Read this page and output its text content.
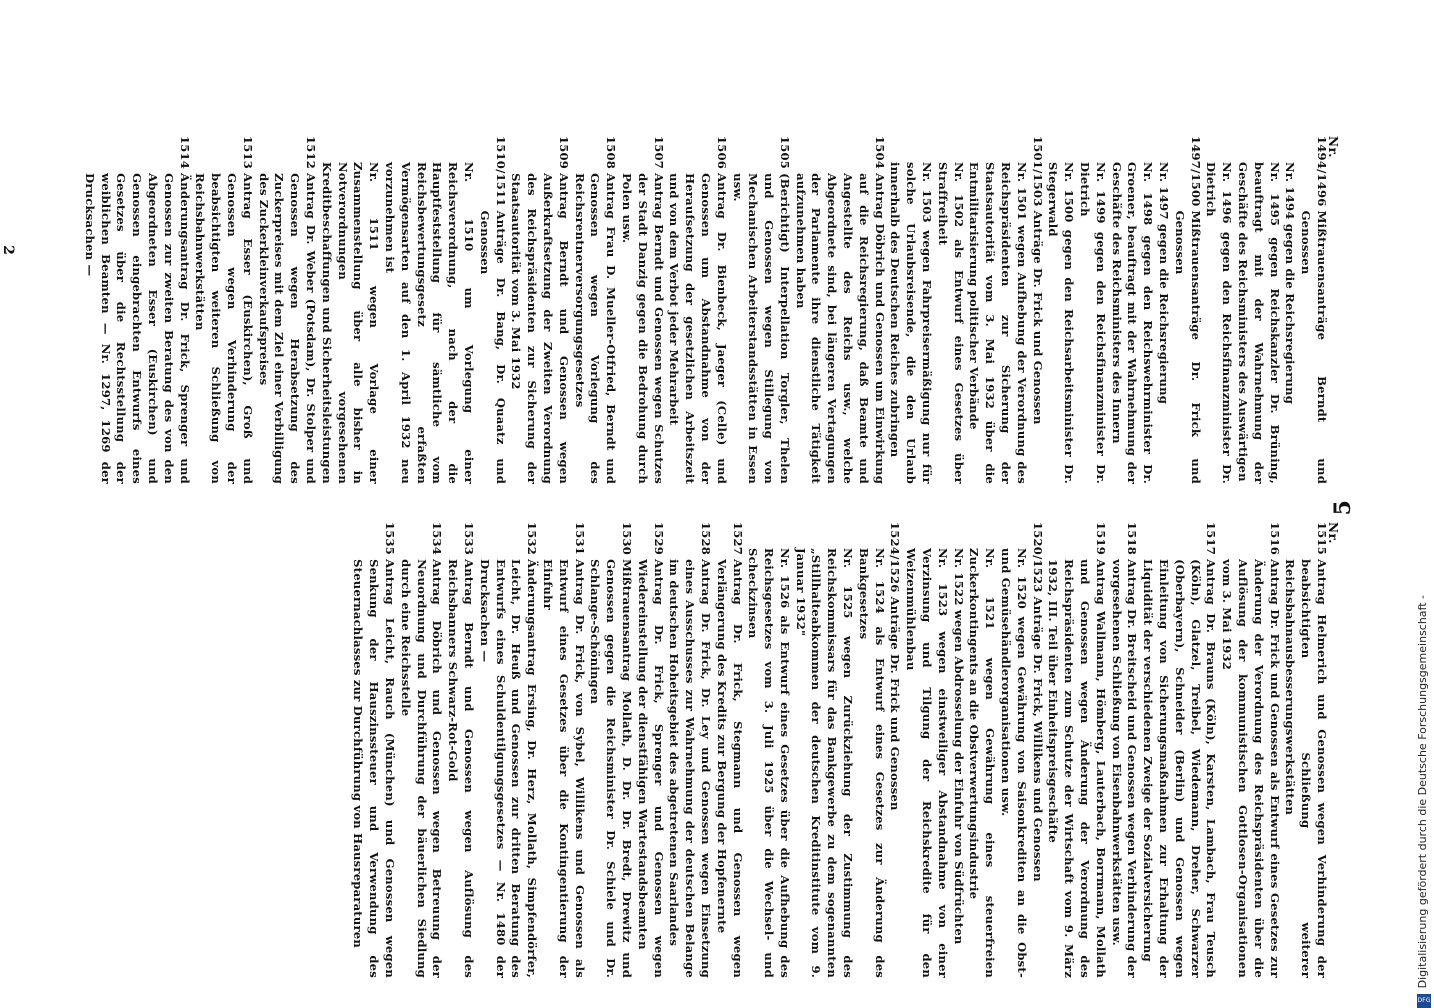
Nr.
1494/1496
Mißtrauensanträge Berndt und Genossen
Nr. 1494 gegen die Reichsregierung
Nr. 1495 gegen Reichskanzler Dr. Brüning, beauftragt mit der Wahrnehmung der Geschäfte des Reichsministers des Auswärtigen
Nr. 1496 gegen den Reichsfinanzminister Dr. Dietrich
1497/1500
Mißtrauensanträge Dr. Frick und Genossen
Nr. 1497 gegen die Reichsregierung
Nr. 1498 gegen den Reichswehrminister Dr. Groener, beauftragt mit der Wahrnehmung der Geschäfte des Reichsministers des Innern
Nr. 1499 gegen den Reichsfinanzminister Dr. Dietrich
Nr. 1500 gegen den Reichsarbeitsminister Dr. Stegerwald
1501/1503
Anträge Dr. Frick und Genossen
Nr. 1501 wegen Aufhebung der Verordnung des Reichspräsidenten zur Sicherung der Staatsautorität vom 3. Mai 1932 über die Entmilitarisierung politischer Verbände
Nr. 1502 als Entwurf eines Gesetzes über Straffreiheit
Nr. 1503 wegen Fahrpreisermäßigung nur für solche Urlaubsreisende, die den Urlaub innerhalb des Deutschen Reiches zubringen
1504
Antrag Döbrich und Genossen um Einwirkung auf die Reichsregierung, daß Beamte und Angestellte des Reichs usw., welche Abgeordnete sind, bei längeren Vertagungen der Parlamente ihre dienstliche Tätigkeit aufzunehmen haben
1505
(Berichtigt) Interpellation Torgler, Thelen und Genossen wegen Stillegung von Mechanischen Arbeiterstandsstätten in Essen usw.
1506
Antrag Dr. Bienbeck, Jaeger (Celle) und Genossen um Abstandnahme von der Heraufsetzung der gesetzlichen Arbeitszeit und von dem Verbot jeder Mehrarbeit
1507
Antrag Berndt und Genossen wegen Schutzes der Stadt Danzig gegen die Bedrohung durch Polen usw.
1508
Antrag Frau D. Mueller-Otfried, Berndt und Genossen wegen Vorlegung des Reichsrentnerversorgungsgesetzes
1509
Antrag Berndt und Genossen wegen Außerkraftsetzung der Zweiten Verordnung des Reichspräsidenten zur Sicherung der Staatsautorität vom 3. Mai 1932
1510/1511
Anträge Dr. Bang, Dr. Quaatz und Genossen
Nr. 1510 um Vorlegung einer Reichsverordnung, nach der die Hauptfeststellung für sämtliche vom Reichsbewertungsgesetz erfaßten Vermögensarten auf den 1. April 1932 neu vorzunehmen ist
Nr. 1511 wegen Vorlage einer Zusammenstellung über alle bisher in Notverordnungen vorgesehenen Kreditbeschaffungen und Sicherheitsleistungen
1512
Antrag Dr. Weber (Potsdam), Dr. Stolper und Genossen wegen Herabsetzung des Zuckerpreises mit dem Ziel einer Verbilligung des Zuckerkleinverkaufspreises
1513
Antrag Esser (Euskirchen), Groß und Genossen wegen Verhinderung der beabsichtigten weiteren Schließung von Reichsbahnwerkstätten
1514
Änderungsantrag Dr. Frick, Sprenger und Genossen zur zweiten Beratung des von den Abgeordneten Esser (Euskirchen) und Genossen eingebrachten Entwurfs eines Gesetzes über die Rechtsstellung der weiblichen Beamten — Nr. 1297, 1269 der Drucksachen —
2
5
Nr.
1515
Antrag Helmerich und Genossen wegen Verhinderung der beabsichtigten Schließung weiterer Reichsbahnausbesserungswerkstätten
1516
Antrag Dr. Frick und Genossen als Entwurf eines Gesetzes zur Änderung der Verordnung des Reichspräsidenten über die Auflösung der kommunistischen Gottlosen-Organisationen vom 3. Mai 1932
1517
Antrag Dr. Brauns (Köln), Karsten, Lambach, Frau Teusch (Köln), Glatzel, Treibel, Wiedemann, Dreher, Schwarzer (Oberbayern), Schneider (Berlin) und Genossen wegen Einleitung von Sicherungsmaßnahmen zur Erhaltung der Liquidität der verschiedenen Zweige der Sozialversicherung
1518
Antrag Dr. Breitscheid und Genossen wegen Verhinderung der vorgesehenen Schließung von Eisenbahnwerkstätten usw.
1519
Antrag Wallmann, Hömberg, Lauterbach, Borrmann, Mollath und Genossen wegen Änderung der Verordnung des Reichspräsidenten zum Schutze der Wirtschaft vom 9. März 1932, III. Teil über Einheitspreisgeschäfte
1520/1523
Anträge Dr. Frick, Willikens und Genossen
Nr. 1520 wegen Gewährung von Saisonkrediten an die Obst- und Gemüsehändlerorganisationen usw.
Nr. 1521 wegen Gewährung eines steuerfreien Zuckerkontingents an die Obstverwertungsindustrie
Nr. 1522 wegen Abdrosselung der Einfuhr von Südfrüchten
Nr. 1523 wegen einstweiliger Abstandnahme von einer Verzinsung und Tilgung der Reichskredite für den Weizenmühlenbau
1524/1526
Anträge Dr. Frick und Genossen
Nr. 1524 als Entwurf eines Gesetzes zur Änderung des Bankgesetzes
Nr. 1525 wegen Zurückziehung der Zustimmung des Reichskommissars für das Bankgewerbe zu dem sogenannten „Stillhalteabkommen der deutschen Kreditinstitute vom 9. Januar 1932"
Nr. 1526 als Entwurf eines Gesetzes über die Aufhebung des Reichsgesetzes vom 3. Juli 1925 über die Wechsel- und Scheckzinsen
1527
Antrag Dr. Frick, Stegmann und Genossen wegen Verlängerung des Kredits zur Bergung der Hopfenernte
1528
Antrag Dr. Frick, Dr. Ley und Genossen wegen Einsetzung eines Ausschusses zur Wahrnehmung der deutschen Belange im deutschen Hoheitsgebiet des abgetretenen Saarlandes
1529
Antrag Dr. Frick, Sprenger und Genossen wegen Wiedereinstellung der dienstfähigen Wartestandsbeamten
1530
Mißtrauensantrag Mollath, D. Dr. Dr. Bredt, Drewitz und Genossen gegen die Reichsminister Dr. Schiele und Dr. Schlange-Schöningen
1531
Antrag Dr. Frick, von Sybel, Willikens und Genossen als Entwurf eines Gesetzes über die Kontingentierung der Einfuhr
1532
Änderungsantrag Ersing, Dr. Herz, Mollath, Simpfendörfer, Leicht, Dr. Heuß und Genossen zur dritten Beratung des Entwurfs eines Schuldentilgungsgesetzes — Nr. 1480 der Drucksachen —
1533
Antrag Berndt und Genossen wegen Auflösung des Reichsbanners Schwarz-Rot-Gold
1534
Antrag Döbrich und Genossen wegen Betreuung der Neuordnung und Durchführung der bäuerlichen Siedlung durch eine Reichsstelle
1535
Antrag Leicht, Rauch (München) und Genossen wegen Senkung der Hauszinssteuer und Verwendung des Steuernachlasses zur Durchführung von Hausreparaturen	Digitalisierung gefördert durch die Deutsche Forschungsgemeinschaft -
DFG
